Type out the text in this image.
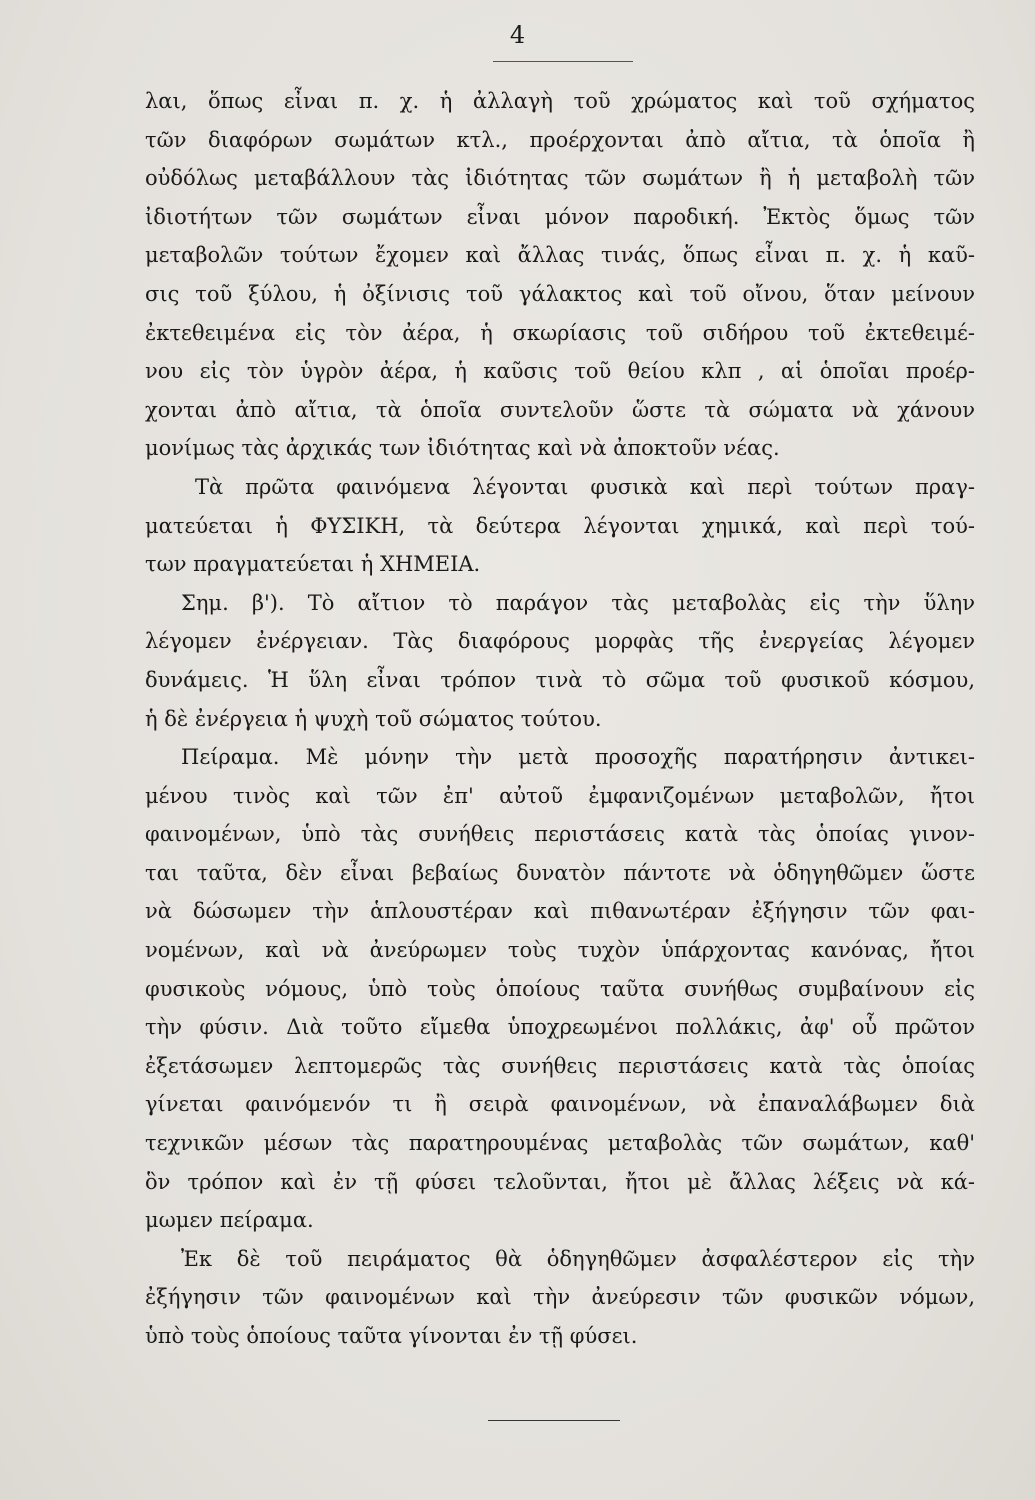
4
λαι, ὅπως εἶναι π. χ. ἡ ἀλλαγὴ τοῦ χρώματος καὶ τοῦ σχήματος
τῶν διαφόρων σωμάτων κτλ., προέρχονται ἀπὸ αἴτια, τὰ ὁποῖα ἢ
οὐδόλως μεταβάλλουν τὰς ἰδιότητας τῶν σωμάτων ἢ ἡ μεταβολὴ τῶν
ἰδιοτήτων τῶν σωμάτων εἶναι μόνον παροδική. Ἐκτὸς ὅμως τῶν
μεταβολῶν τούτων ἔχομεν καὶ ἄλλας τινάς, ὅπως εἶναι π. χ. ἡ καῦ-
σις τοῦ ξύλου, ἡ ὀξίνισις τοῦ γάλακτος καὶ τοῦ οἴνου, ὅταν μείνουν
ἐκτεθειμένα εἰς τὸν ἀέρα, ἡ σκωρίασις τοῦ σιδήρου τοῦ ἐκτεθειμέ-
νου εἰς τὸν ὑγρὸν ἀέρα, ἡ καῦσις τοῦ θείου κλπ , αἱ ὁποῖαι προέρ-
χονται ἀπὸ αἴτια, τὰ ὁποῖα συντελοῦν ὥστε τὰ σώματα νὰ χάνουν
μονίμως τὰς ἀρχικάς των ἰδιότητας καὶ νὰ ἀποκτοῦν νέας.
Τὰ πρῶτα φαινόμενα λέγονται φυσικὰ καὶ περὶ τούτων πραγ-
ματεύεται ἡ ΦΥΣΙΚΗ, τὰ δεύτερα λέγονται χημικά, καὶ περὶ τού-
των πραγματεύεται ἡ ΧΗΜΕΙΑ.
Σημ. β'). Τὸ αἴτιον τὸ παράγον τὰς μεταβολὰς εἰς τὴν ὕλην
λέγομεν ἐνέργειαν. Τὰς διαφόρους μορφὰς τῆς ἐνεργείας λέγομεν
δυνάμεις. Ἡ ὕλη εἶναι τρόπον τινὰ τὸ σῶμα τοῦ φυσικοῦ κόσμου,
ἡ δὲ ἐνέργεια ἡ ψυχὴ τοῦ σώματος τούτου.
Πείραμα. Μὲ μόνην τὴν μετὰ προσοχῆς παρατήρησιν ἀντικει-
μένου τινὸς καὶ τῶν ἐπ' αὐτοῦ ἐμφανιζομένων μεταβολῶν, ἤτοι
φαινομένων, ὑπὸ τὰς συνήθεις περιστάσεις κατὰ τὰς ὁποίας γινον-
ται ταῦτα, δὲν εἶναι βεβαίως δυνατὸν πάντοτε νὰ ὁδηγηθῶμεν ὥστε
νὰ δώσωμεν τὴν ἁπλουστέραν καὶ πιθανωτέραν ἐξήγησιν τῶν φαι-
νομένων, καὶ νὰ ἀνεύρωμεν τοὺς τυχὸν ὑπάρχοντας κανόνας, ἤτοι
φυσικοὺς νόμους, ὑπὸ τοὺς ὁποίους ταῦτα συνήθως συμβαίνουν εἰς
τὴν φύσιν. Διὰ τοῦτο εἴμεθα ὑποχρεωμένοι πολλάκις, ἀφ' οὗ πρῶτον
ἐξετάσωμεν λεπτομερῶς τὰς συνήθεις περιστάσεις κατὰ τὰς ὁποίας
γίνεται φαινόμενόν τι ἢ σειρὰ φαινομένων, νὰ ἐπαναλάβωμεν διὰ
τεχνικῶν μέσων τὰς παρατηρουμένας μεταβολὰς τῶν σωμάτων, καθ'
ὃν τρόπον καὶ ἐν τῇ φύσει τελοῦνται, ἤτοι μὲ ἄλλας λέξεις νὰ κά-
μωμεν πείραμα.
Ἐκ δὲ τοῦ πειράματος θὰ ὁδηγηθῶμεν ἀσφαλέστερον εἰς τὴν
ἐξήγησιν τῶν φαινομένων καὶ τὴν ἀνεύρεσιν τῶν φυσικῶν νόμων,
ὑπὸ τοὺς ὁποίους ταῦτα γίνονται ἐν τῇ φύσει.
